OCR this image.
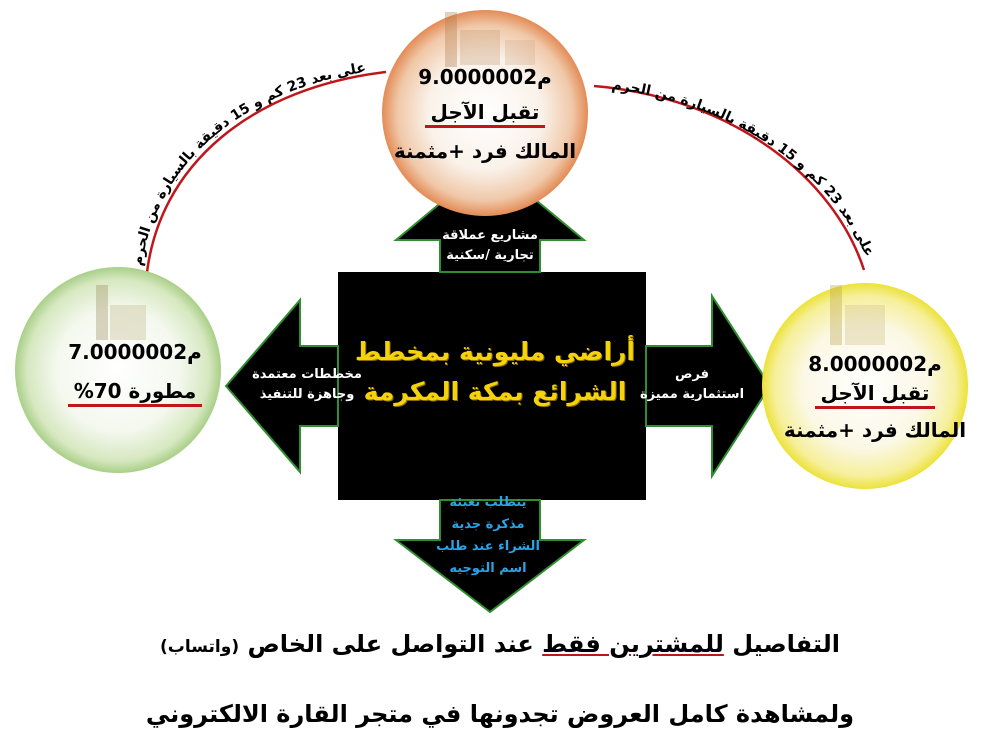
على بعد 23 كم و 15 دقيقة بالسيارة من الحرم
على بعد 23 كم و 15 دقيقة بالسيارة من الحرم
أراضي مليونية بمخطط
الشرائع بمكة المكرمة
مشاريع عملاقة
تجارية /سكنية
مخططات معتمدة
وجاهزة للتنفيذ
فرص
استثمارية مميزة
يتطلب تعبئة
مذكرة جدية
الشراء عند طلب
اسم التوجيه
9.000000م2
تقبل الآجل
المالك فرد +مثمنة
8.000000م2
تقبل الآجل
المالك فرد +مثمنة
7.000000م2
مطورة 70%
التفاصيل للمشترين فقط عند التواصل على الخاص (واتساب)
ولمشاهدة كامل العروض تجدونها في متجر القارة الالكتروني
